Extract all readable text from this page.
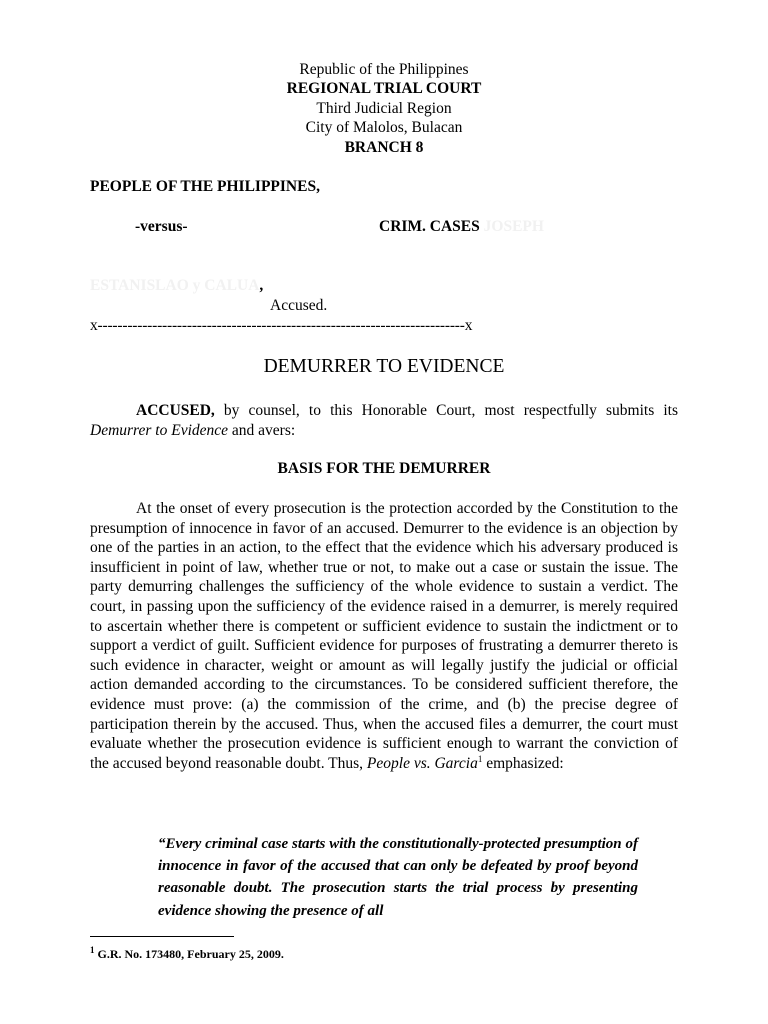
Republic of the Philippines
REGIONAL TRIAL COURT
Third Judicial Region
City of Malolos, Bulacan
BRANCH 8
PEOPLE OF THE PHILIPPINES,
-versus-	CRIM. CASES JOSEPH
ESTANISLAO y CALUA,
Accused.
x--------------------------------------------------------------------------x
DEMURRER TO EVIDENCE
ACCUSED, by counsel, to this Honorable Court, most respectfully submits its Demurrer to Evidence and avers:
BASIS FOR THE DEMURRER
At the onset of every prosecution is the protection accorded by the Constitution to the presumption of innocence in favor of an accused. Demurrer to the evidence is an objection by one of the parties in an action, to the effect that the evidence which his adversary produced is insufficient in point of law, whether true or not, to make out a case or sustain the issue. The party demurring challenges the sufficiency of the whole evidence to sustain a verdict. The court, in passing upon the sufficiency of the evidence raised in a demurrer, is merely required to ascertain whether there is competent or sufficient evidence to sustain the indictment or to support a verdict of guilt. Sufficient evidence for purposes of frustrating a demurrer thereto is such evidence in character, weight or amount as will legally justify the judicial or official action demanded according to the circumstances. To be considered sufficient therefore, the evidence must prove: (a) the commission of the crime, and (b) the precise degree of participation therein by the accused. Thus, when the accused files a demurrer, the court must evaluate whether the prosecution evidence is sufficient enough to warrant the conviction of the accused beyond reasonable doubt. Thus, People vs. Garcia$^1$ emphasized:
“Every criminal case starts with the constitutionally-protected presumption of innocence in favor of the accused that can only be defeated by proof beyond reasonable doubt. The prosecution starts the trial process by presenting evidence showing the presence of all
$^1$ G.R. No. 173480, February 25, 2009.
